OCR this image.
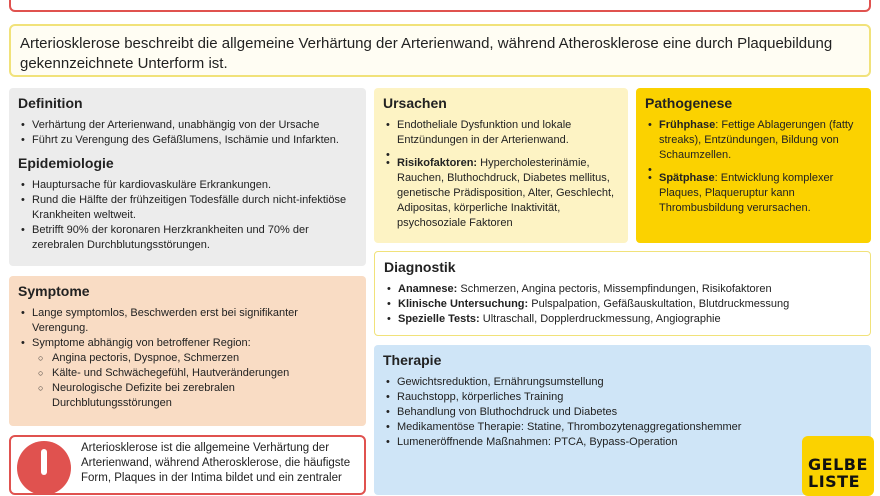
Arteriosklerose beschreibt die allgemeine Verhärtung der Arterienwand, während Atherosklerose eine durch Plaquebildung gekennzeichnete Unterform ist.
Definition
• Verhärtung der Arterienwand, unabhängig von der Ursache
• Führt zu Verengung des Gefäßlumens, Ischämie und Infarkten.
Epidemiologie
• Hauptursache für kardiovaskuläre Erkrankungen.
• Rund die Hälfte der frühzeitigen Todesfälle durch nicht-infektiöse Krankheiten weltweit.
• Betrifft 90% der koronaren Herzkrankheiten und 70% der zerebralen Durchblutungsstörungen.
Symptome
• Lange symptomlos, Beschwerden erst bei signifikanter Verengung.
• Symptome abhängig von betroffener Region:
○ Angina pectoris, Dyspnoe, Schmerzen
○ Kälte- und Schwächegefühl, Hautveränderungen
○ Neurologische Defizite bei zerebralen Durchblutungsstörungen
Arteriosklerose ist die allgemeine Verhärtung der Arterienwand, während Atherosklerose, die häufigste Form, Plaques in der Intima bildet und ein zentraler
Ursachen
• Endotheliale Dysfunktion und lokale Entzündungen in der Arterienwand.
•
• Risikofaktoren: Hypercholesterinämie, Rauchen, Bluthochdruck, Diabetes mellitus, genetische Prädisposition, Alter, Geschlecht, Adipositas, körperliche Inaktivität, psychosoziale Faktoren
Pathogenese
• Frühphase: Fettige Ablagerungen (fatty streaks), Entzündungen, Bildung von Schaumzellen.
•
• Spätphase: Entwicklung komplexer Plaques, Plaqueruptur kann Thrombusbildung verursachen.
Diagnostik
• Anamnese: Schmerzen, Angina pectoris, Missempfindungen, Risikofaktoren
• Klinische Untersuchung: Pulspalpation, Gefäßauskultation, Blutdruckmessung
• Spezielle Tests: Ultraschall, Dopplerdruckmessung, Angiographie
Therapie
• Gewichtsreduktion, Ernährungsumstellung
• Rauchstopp, körperliches Training
• Behandlung von Bluthochdruck und Diabetes
• Medikamentöse Therapie: Statine, Thrombozytenaggregationshemmer
• Lumeneröffnende Maßnahmen: PTCA, Bypass-Operation
GELBE
LISTE
